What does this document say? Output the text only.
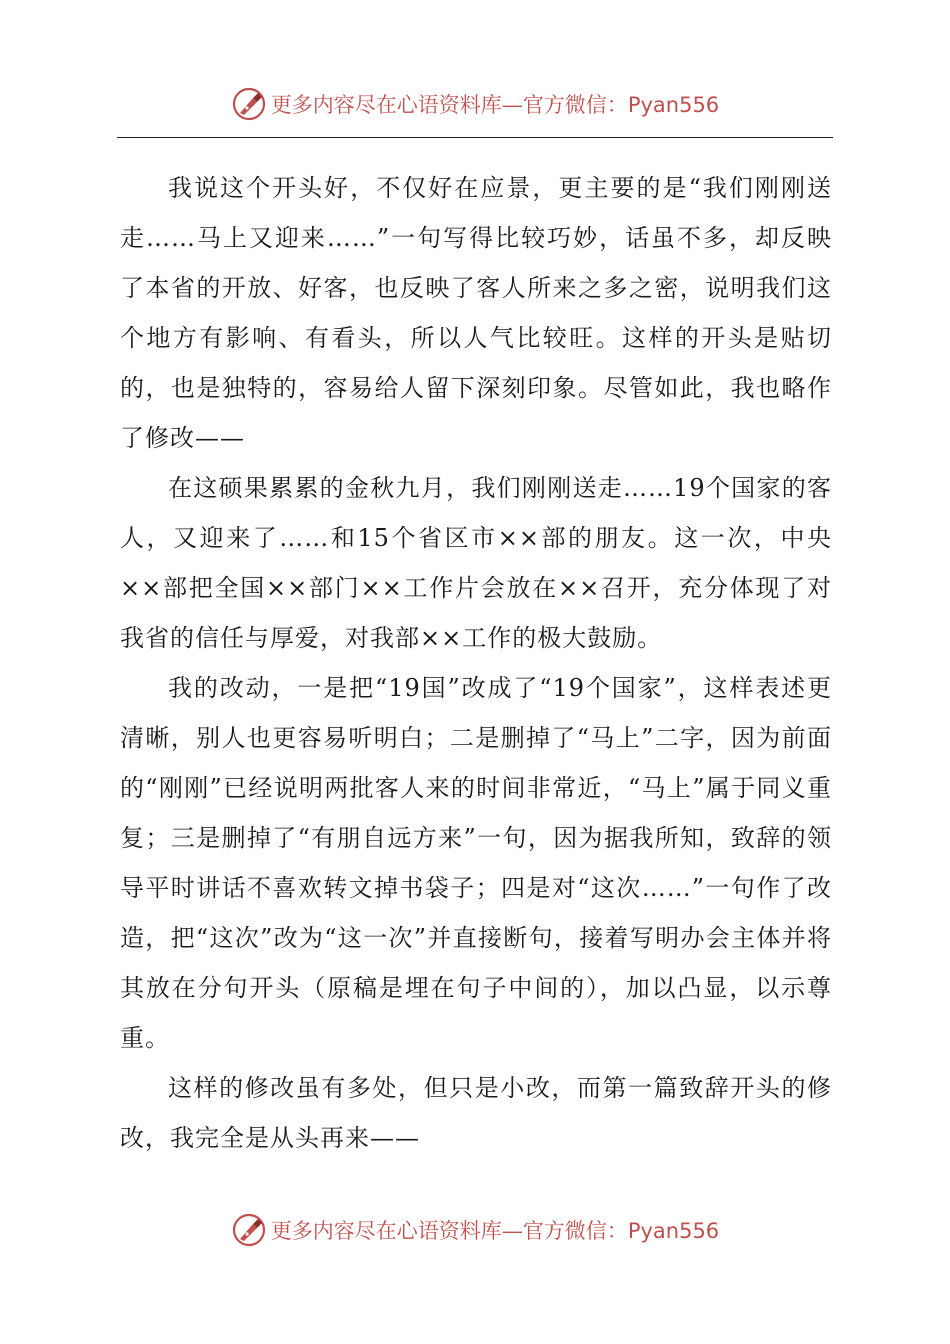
更多内容尽在心语资料库—官方微信：Pyan556

我说这个开头好，不仅好在应景，更主要的是“我们刚刚送走……马上又迎来……”一句写得比较巧妙，话虽不多，却反映了本省的开放、好客，也反映了客人所来之多之密，说明我们这个地方有影响、有看头，所以人气比较旺。这样的开头是贴切的，也是独特的，容易给人留下深刻印象。尽管如此，我也略作了修改——

在这硕果累累的金秋九月，我们刚刚送走……19个国家的客人，又迎来了……和15个省区市××部的朋友。这一次，中央××部把全国××部门××工作片会放在××召开，充分体现了对我省的信任与厚爱，对我部××工作的极大鼓励。

我的改动，一是把“19国”改成了“19个国家”，这样表述更清晰，别人也更容易听明白；二是删掉了“马上”二字，因为前面的“刚刚”已经说明两批客人来的时间非常近，“马上”属于同义重复；三是删掉了“有朋自远方来”一句，因为据我所知，致辞的领导平时讲话不喜欢转文掉书袋子；四是对“这次……”一句作了改造，把“这次”改为“这一次”并直接断句，接着写明办会主体并将其放在分句开头（原稿是埋在句子中间的），加以凸显，以示尊重。

这样的修改虽有多处，但只是小改，而第一篇致辞开头的修改，我完全是从头再来——

更多内容尽在心语资料库—官方微信：Pyan556
